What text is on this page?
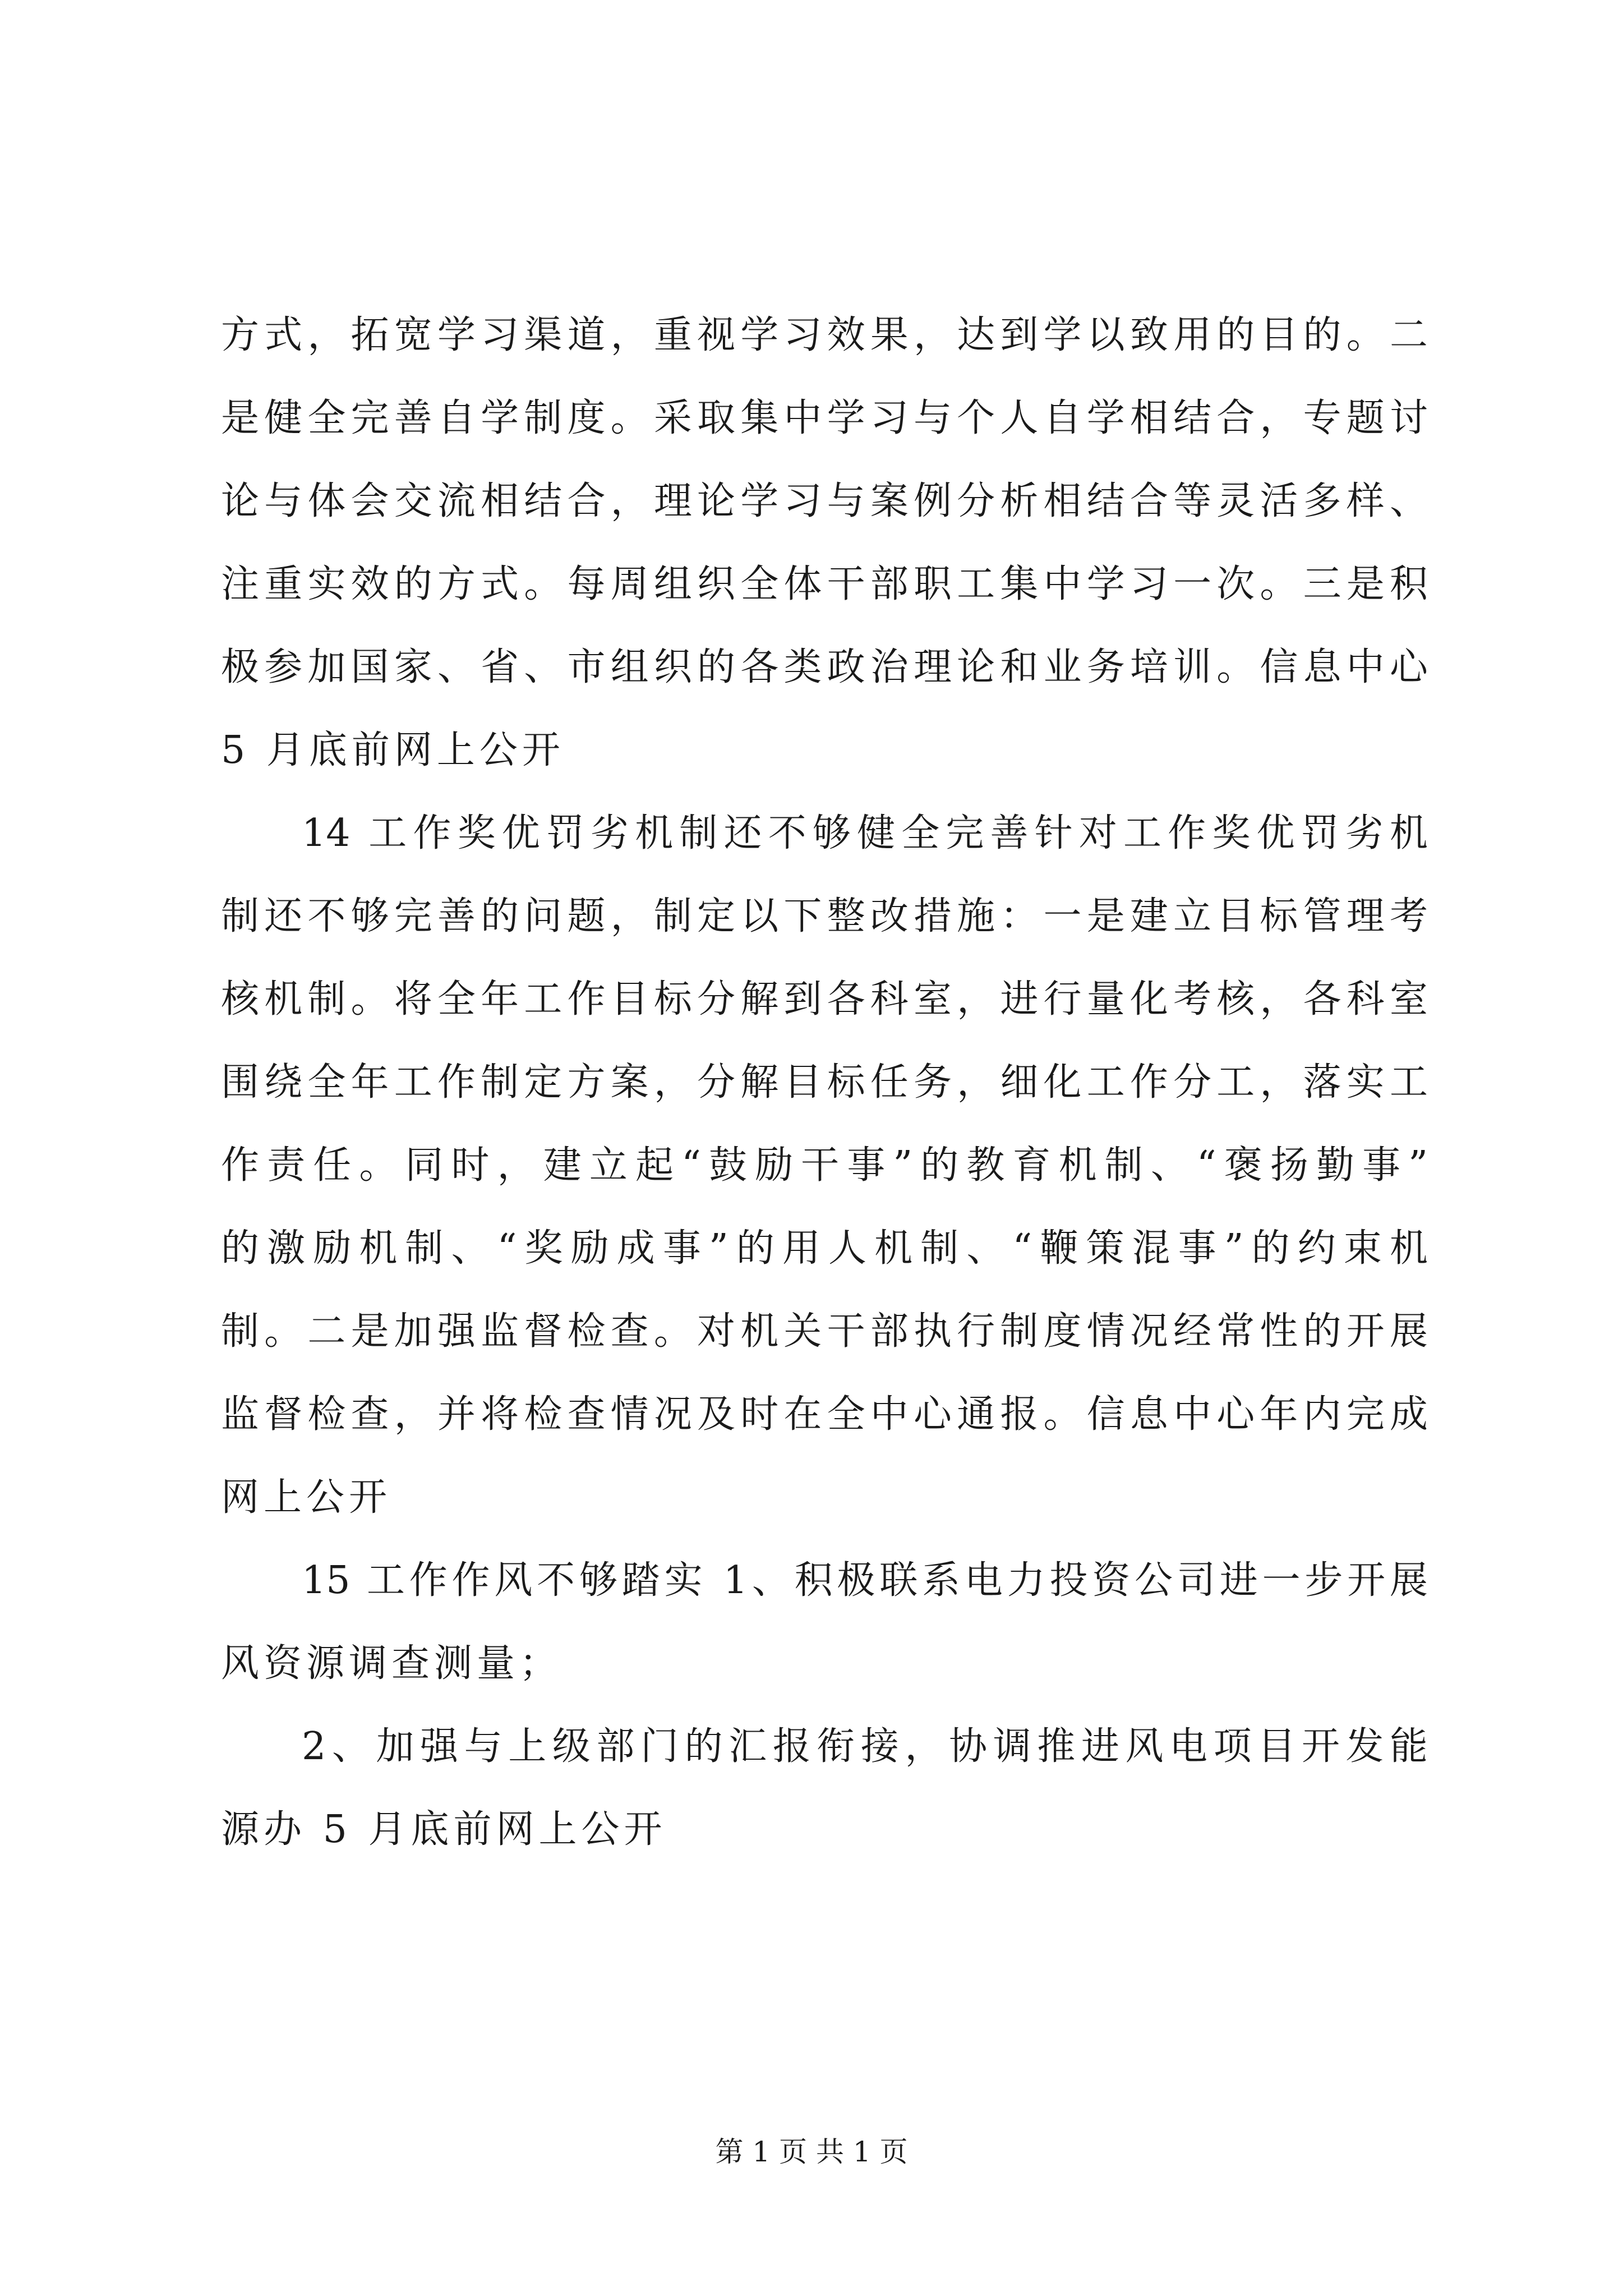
方式，拓宽学习渠道，重视学习效果，达到学以致用的目的。二
是健全完善自学制度。采取集中学习与个人自学相结合，专题讨
论与体会交流相结合，理论学习与案例分析相结合等灵活多样、
注重实效的方式。每周组织全体干部职工集中学习一次。三是积
极参加国家、省、市组织的各类政治理论和业务培训。信息中心
5 月底前网上公开
14 工作奖优罚劣机制还不够健全完善针对工作奖优罚劣机
制还不够完善的问题，制定以下整改措施：一是建立目标管理考
核机制。将全年工作目标分解到各科室，进行量化考核，各科室
围绕全年工作制定方案，分解目标任务，细化工作分工，落实工
作责任。同时，建立起“鼓励干事”的教育机制、“褒扬勤事”
的激励机制、“奖励成事”的用人机制、“鞭策混事”的约束机
制。二是加强监督检查。对机关干部执行制度情况经常性的开展
监督检查，并将检查情况及时在全中心通报。信息中心年内完成
网上公开
15 工作作风不够踏实 1、积极联系电力投资公司进一步开展
风资源调查测量；
2、加强与上级部门的汇报衔接，协调推进风电项目开发能
源办 5 月底前网上公开
第 1 页 共 1 页
